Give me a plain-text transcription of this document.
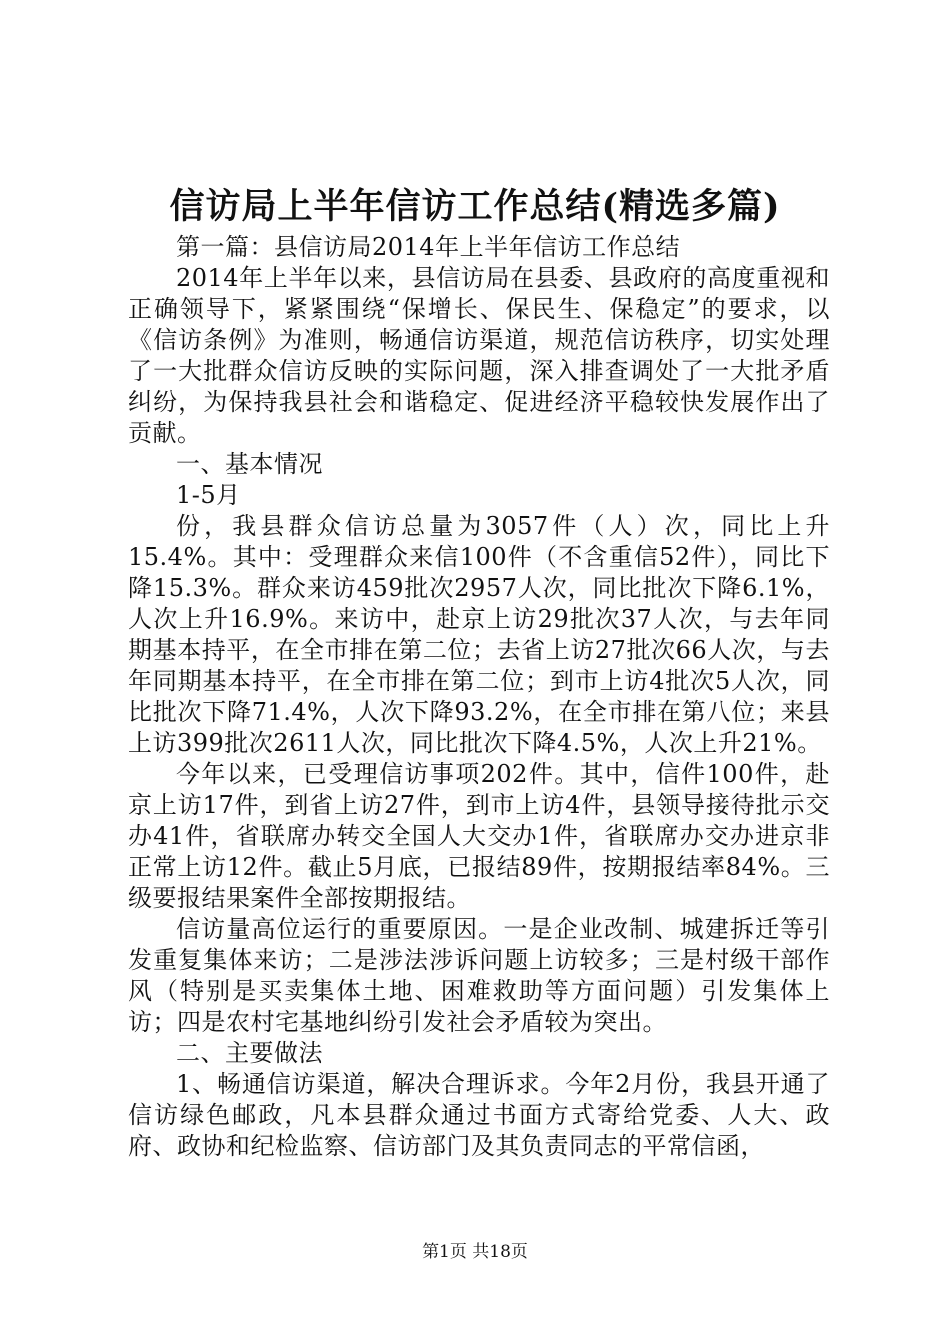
信访局上半年信访工作总结(精选多篇)

第一篇：县信访局2014年上半年信访工作总结

2014年上半年以来，县信访局在县委、县政府的高度重视和正确领导下，紧紧围绕“保增长、保民生、保稳定”的要求，以《信访条例》为准则，畅通信访渠道，规范信访秩序，切实处理了一大批群众信访反映的实际问题，深入排查调处了一大批矛盾纠纷，为保持我县社会和谐稳定、促进经济平稳较快发展作出了贡献。

一、基本情况

1-5月

份，我县群众信访总量为3057件（人）次，同比上升15.4%。其中：受理群众来信100件（不含重信52件），同比下降15.3%。群众来访459批次2957人次，同比批次下降6.1%，人次上升16.9%。来访中，赴京上访29批次37人次，与去年同期基本持平，在全市排在第二位；去省上访27批次66人次，与去年同期基本持平，在全市排在第二位；到市上访4批次5人次，同比批次下降71.4%，人次下降93.2%，在全市排在第八位；来县上访399批次2611人次，同比批次下降4.5%，人次上升21%。

今年以来，已受理信访事项202件。其中，信件100件，赴京上访17件，到省上访27件，到市上访4件，县领导接待批示交办41件，省联席办转交全国人大交办1件，省联席办交办进京非正常上访12件。截止5月底，已报结89件，按期报结率84%。三级要报结果案件全部按期报结。

信访量高位运行的重要原因。一是企业改制、城建拆迁等引发重复集体来访；二是涉法涉诉问题上访较多；三是村级干部作风（特别是买卖集体土地、困难救助等方面问题）引发集体上访；四是农村宅基地纠纷引发社会矛盾较为突出。

二、主要做法

1、畅通信访渠道，解决合理诉求。今年2月份，我县开通了信访绿色邮政，凡本县群众通过书面方式寄给党委、人大、政府、政协和纪检监察、信访部门及其负责同志的平常信函，

第1页 共18页
